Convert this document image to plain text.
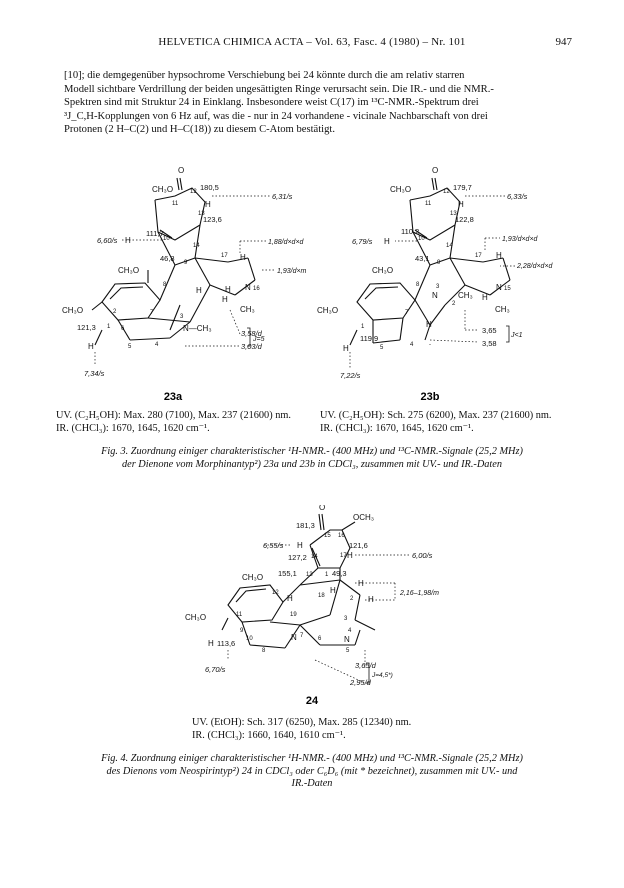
HELVETICA CHIMICA ACTA – Vol. 63, Fasc. 4 (1980) – Nr. 101	947
[10]; die demgegenüber hypsochrome Verschiebung bei 24 könnte durch die am relativ starren
Modell sichtbare Verdrillung der beiden ungesättigten Ringe verursacht sein. Die IR.- und die NMR.-
Spektren sind mit Struktur 24 in Einklang. Insbesondere weist C(17) im ¹³C-NMR.-Spektrum drei
³J_C,H-Kopplungen von 6 Hz auf, was die - nur in 24 vorhandene - vicinale Nachbarschaft von drei
Protonen (2 H–C(2) und H–C(18)) zu diesem C-Atom bestätigt.
CH₃O
O
12 180,5
11	H
13
123,6
6,31/s
111,7
10
H
6,60/s
14	1,88/d×d×d
46,8 9
17 H
1,93/d×m
CH₃O
8
H	H
H
N 16
CH₃
CH₃O	2	7
121,3 1
3
N—CH₃
H
6
5	4
3,58/d
3,03/d
J=5
7,34/s
CH₃O
O
12 179,7
11	H
13
122,8
6,33/s
110,2
10
H
6,79/s	14
1,93/d×d×d
43,1 9
17 H
2,28/d×d×d
CH₃O
8	3
N
2
CH₃ H
N 15
CH₃
CH₃O	7
1
119,9
H	5	4
H
3,65
3,58
J<1
7,22/s
23a	23b
UV. (C₂H₅OH): Max. 280 (7100), Max. 237 (21600) nm.
IR. (CHCl₃): 1670, 1645, 1620 cm⁻¹.
UV. (C₂H₅OH): Sch. 275 (6200), Max. 237 (21600) nm.
IR. (CHCl₃): 1670, 1645, 1620 cm⁻¹.
Fig. 3. Zuordnung einiger charakteristischer ¹H-NMR.- (400 MHz) und ¹³C-NMR.-Signale (25,2 MHz)
der Dienone vom Morphinantyp²) 23a und 23b in CDCl₃, zusammen mit UV.- und IR.-Daten
O
OCH₃
181,3
15 16
6,55/s H
127,2 14
121,6
17 H	6,00/s
155,1 13 1 49,3
CH₃O
12
H	18
H
2
H
H
2,16–1,98/m
CH₃O	11	19
3
4
N
9
10
H 113,6
8
N 7 6
5
3,65/d
2,95/d
J=4,5*)
6,70/s
24
UV. (EtOH): Sch. 317 (6250), Max. 285 (12340) nm.
IR. (CHCl₃): 1660, 1640, 1610 cm⁻¹.
Fig. 4. Zuordnung einiger charakteristischer ¹H-NMR.- (400 MHz) und ¹³C-NMR.-Signale (25,2 MHz)
des Dienons vom Neospirintyp²) 24 in CDCl₃ oder C₆D₆ (mit * bezeichnet), zusammen mit UV.- und
IR.-Daten
